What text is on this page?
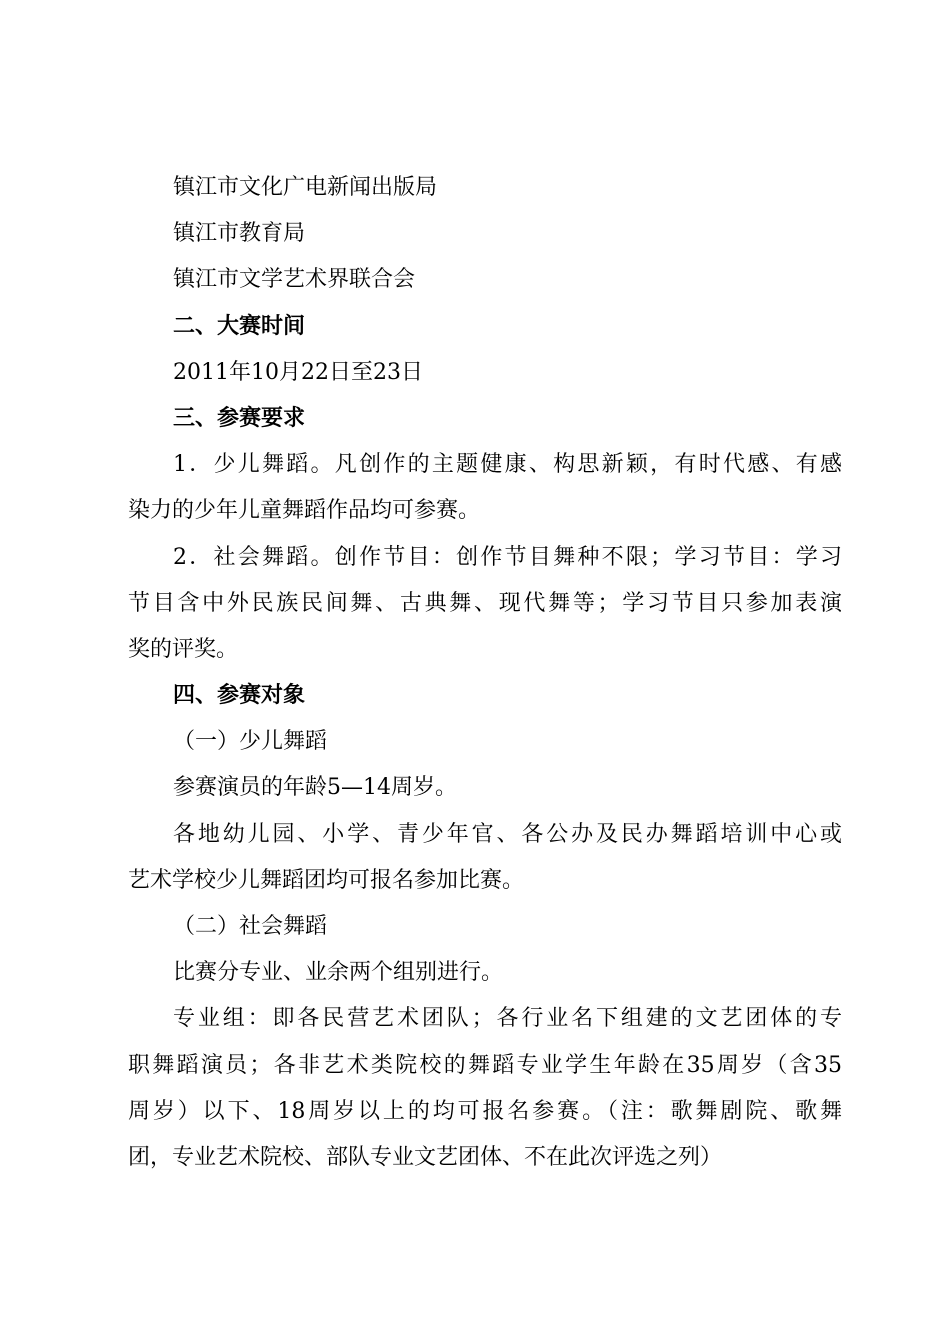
镇江市文化广电新闻出版局
镇江市教育局
镇江市文学艺术界联合会
二、大赛时间
2011年10月22日至23日
三、参赛要求
1．少儿舞蹈。凡创作的主题健康、构思新颖，有时代感、有感
染力的少年儿童舞蹈作品均可参赛。
2．社会舞蹈。创作节目：创作节目舞种不限；学习节目：学习
节目含中外民族民间舞、古典舞、现代舞等；学习节目只参加表演
奖的评奖。
四、参赛对象
（一）少儿舞蹈
参赛演员的年龄5—14周岁。
各地幼儿园、小学、青少年官、各公办及民办舞蹈培训中心或
艺术学校少儿舞蹈团均可报名参加比赛。
（二）社会舞蹈
比赛分专业、业余两个组别进行。
专业组：即各民营艺术团队；各行业名下组建的文艺团体的专
职舞蹈演员；各非艺术类院校的舞蹈专业学生年龄在35周岁（含35
周岁）以下、18周岁以上的均可报名参赛。（注：歌舞剧院、歌舞
团，专业艺术院校、部队专业文艺团体、不在此次评选之列）
